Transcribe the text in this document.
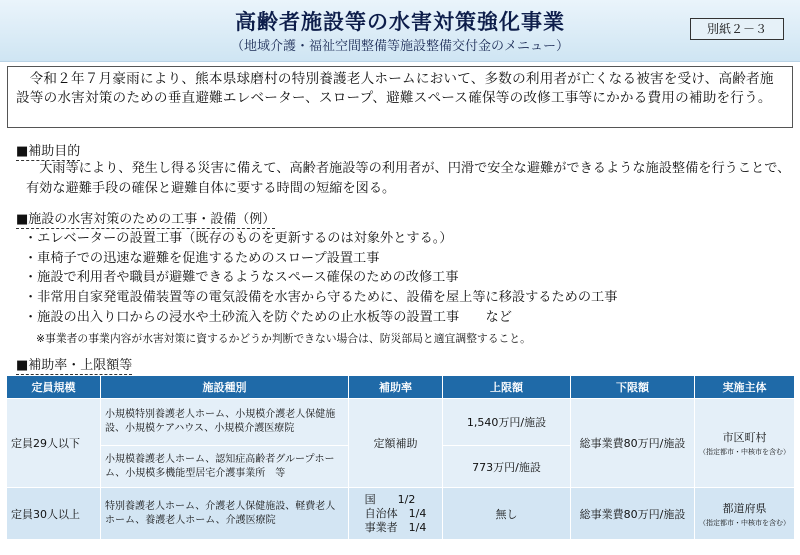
高齢者施設等の水害対策強化事業
（地域介護・福祉空間整備等施設整備交付金のメニュー）
別紙２－３
令和２年７月豪雨により、熊本県球磨村の特別養護老人ホームにおいて、多数の利用者が亡くなる被害を受け、高齢者施設等の水害対策のための垂直避難エレベーター、スロープ、避難スペース確保等の改修工事等にかかる費用の補助を行う。
■補助目的
大雨等により、発生し得る災害に備えて、高齢者施設等の利用者が、円滑で安全な避難ができるような施設整備を行うことで、有効な避難手段の確保と避難自体に要する時間の短縮を図る。
■施設の水害対策のための工事・設備（例）
・エレベーターの設置工事（既存のものを更新するのは対象外とする。）
・車椅子での迅速な避難を促進するためのスロープ設置工事
・施設で利用者や職員が避難できるようなスペース確保のための改修工事
・非常用自家発電設備装置等の電気設備を水害から守るために、設備を屋上等に移設するための工事
・施設の出入り口からの浸水や土砂流入を防ぐための止水板等の設置工事　　など
※事業者の事業内容が水害対策に資するかどうか判断できない場合は、防災部局と適宜調整すること。
■補助率・上限額等
定員規模	施設種別	補助率	上限額	下限額	実施主体
定員29人以下	小規模特別養護老人ホーム、小規模介護老人保健施設、小規模ケアハウス、小規模介護医療院	定額補助	1,540万円/施設	総事業費80万円/施設	市区町村
（指定都市・中核市を含む）

	小規模養護老人ホーム、認知症高齢者グループホーム、小規模多機能型居宅介護事業所　等		773万円/施設		
定員30人以上	特別養護老人ホーム、介護老人保健施設、軽費老人ホーム、養護老人ホーム、介護医療院	国　　1/2
自治体　1/4
事業者　1/4	無し	総事業費80万円/施設	都道府県
（指定都市・中核市を含む）
